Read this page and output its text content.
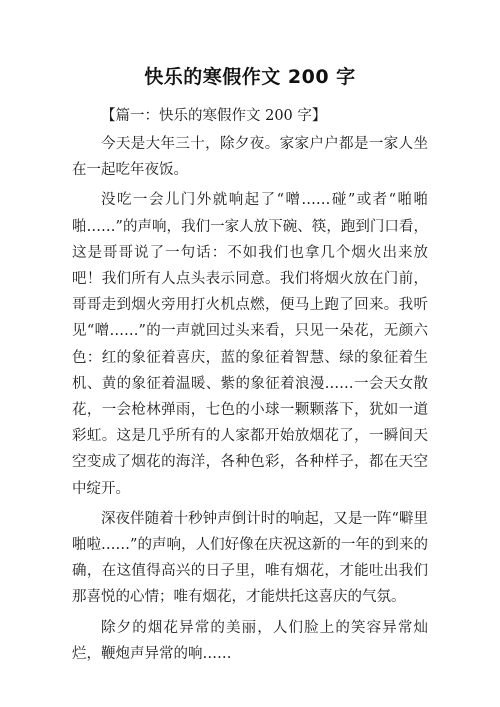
快乐的寒假作文 200 字

【篇一：快乐的寒假作文 200 字】

今天是大年三十，除夕夜。家家户户都是一家人坐在一起吃年夜饭。

没吃一会儿门外就响起了“噌……碰”或者“啪啪啪……”的声响，我们一家人放下碗、筷，跑到门口看，这是哥哥说了一句话：不如我们也拿几个烟火出来放吧！我们所有人点头表示同意。我们将烟火放在门前，哥哥走到烟火旁用打火机点燃，便马上跑了回来。我听见“噌……”的一声就回过头来看，只见一朵花，无颜六色：红的象征着喜庆，蓝的象征着智慧、绿的象征着生机、黄的象征着温暖、紫的象征着浪漫……一会天女散花，一会枪林弹雨，七色的小球一颗颗落下，犹如一道彩虹。这是几乎所有的人家都开始放烟花了，一瞬间天空变成了烟花的海洋，各种色彩，各种样子，都在天空中绽开。

深夜伴随着十秒钟声倒计时的响起，又是一阵“噼里啪啦……”的声响，人们好像在庆祝这新的一年的到来的确，在这值得高兴的日子里，唯有烟花，才能吐出我们那喜悦的心情；唯有烟花，才能烘托这喜庆的气氛。

除夕的烟花异常的美丽，人们脸上的笑容异常灿烂，鞭炮声异常的响……
